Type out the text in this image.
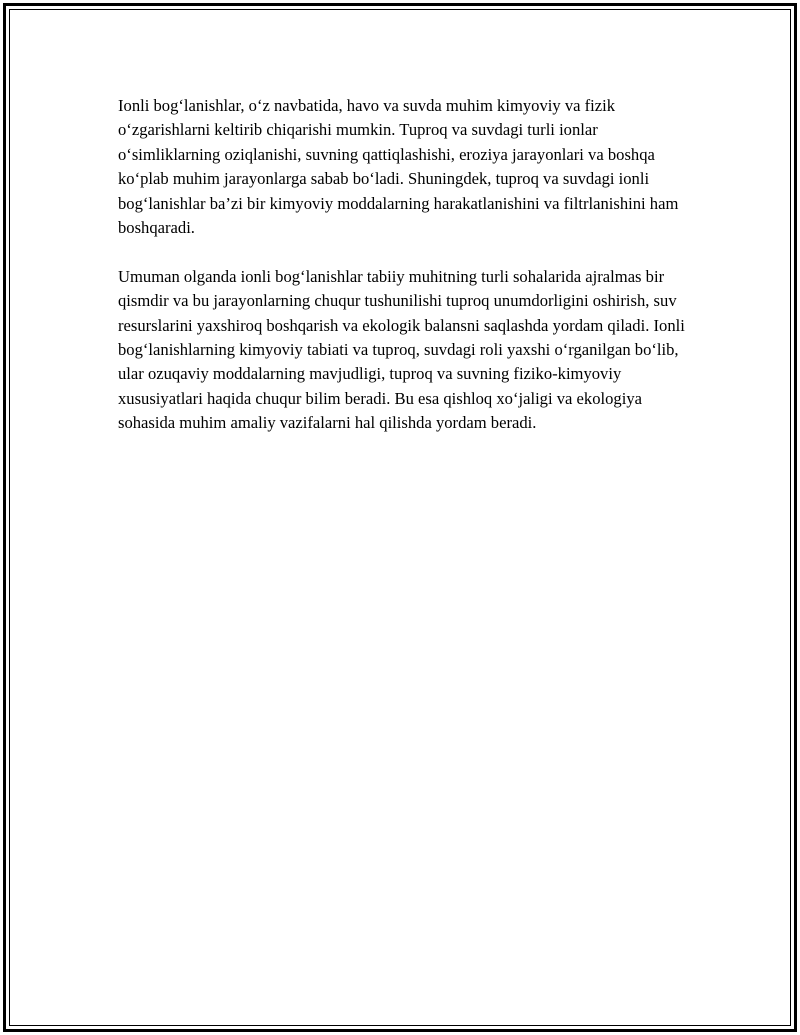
Ionli bog‘lanishlar, o‘z navbatida, havo va suvda muhim kimyoviy va fizik o‘zgarishlarni keltirib chiqarishi mumkin. Tuproq va suvdagi turli ionlar o‘simliklarning oziqlanishi, suvning qattiqlashishi, eroziya jarayonlari va boshqa ko‘plab muhim jarayonlarga sabab bo‘ladi. Shuningdek, tuproq va suvdagi ionli bog‘lanishlar ba’zi bir kimyoviy moddalarning harakatlanishini va filtrlanishini ham boshqaradi.

Umuman olganda ionli bog‘lanishlar tabiiy muhitning turli sohalarida ajralmas bir qismdir va bu jarayonlarning chuqur tushunilishi tuproq unumdorligini oshirish, suv resurslarini yaxshiroq boshqarish va ekologik balansni saqlashda yordam qiladi. Ionli bog‘lanishlarning kimyoviy tabiati va tuproq, suvdagi roli yaxshi o‘rganilgan bo‘lib, ular ozuqaviy moddalarning mavjudligi, tuproq va suvning fiziko-kimyoviy xususiyatlari haqida chuqur bilim beradi. Bu esa qishloq xo‘jaligi va ekologiya sohasida muhim amaliy vazifalarni hal qilishda yordam beradi.
